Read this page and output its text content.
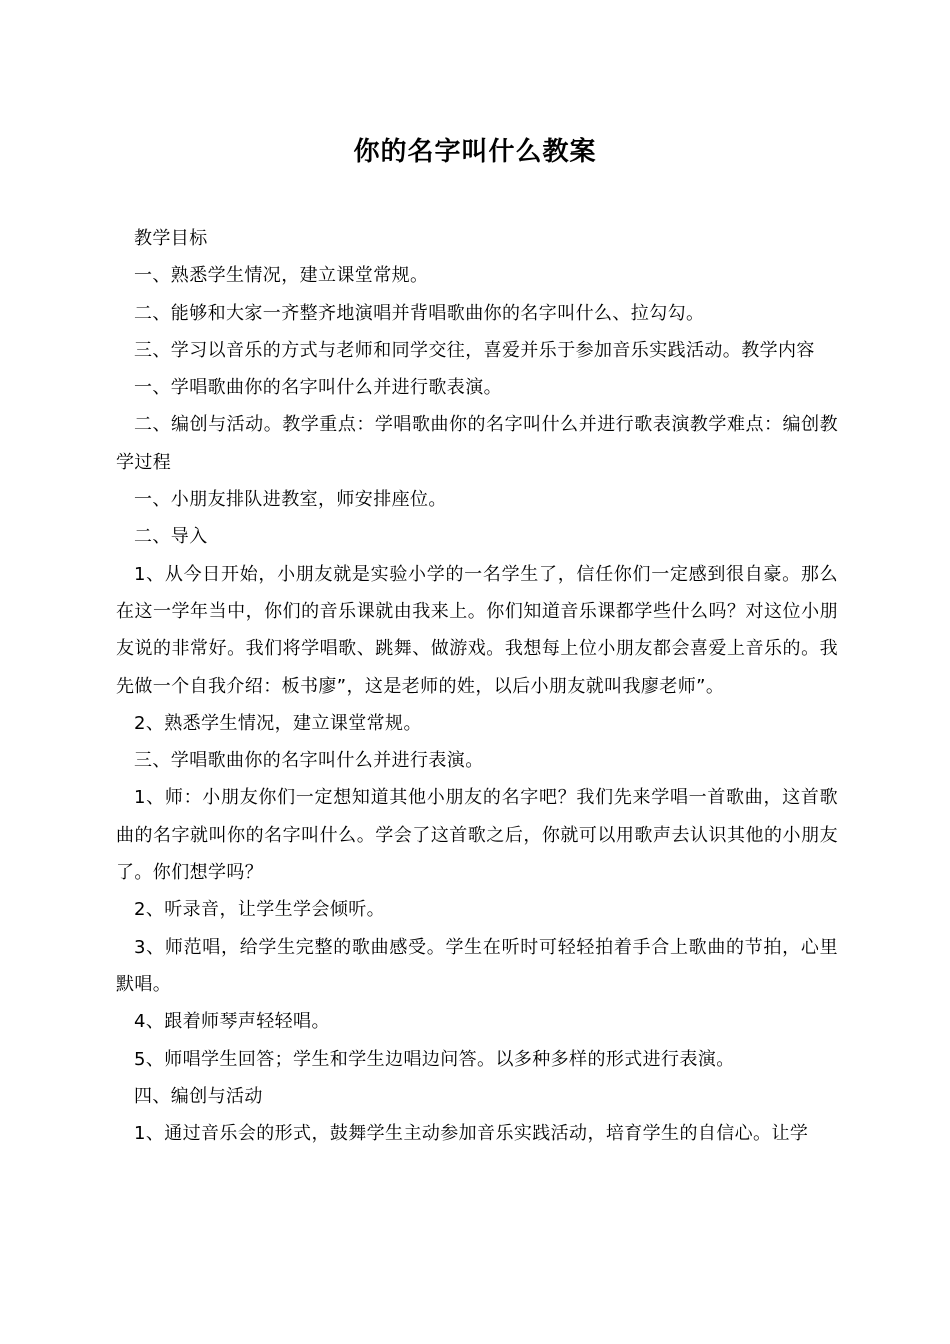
你的名字叫什么教案

教学目标

一、熟悉学生情况，建立课堂常规。

二、能够和大家一齐整齐地演唱并背唱歌曲你的名字叫什么、拉勾勾。

三、学习以音乐的方式与老师和同学交往，喜爱并乐于参加音乐实践活动。教学内容

一、学唱歌曲你的名字叫什么并进行歌表演。

二、编创与活动。教学重点：学唱歌曲你的名字叫什么并进行歌表演教学难点：编创教学过程

一、小朋友排队进教室，师安排座位。

二、导入

1、从今日开始，小朋友就是实验小学的一名学生了，信任你们一定感到很自豪。那么在这一学年当中，你们的音乐课就由我来上。你们知道音乐课都学些什么吗？对这位小朋友说的非常好。我们将学唱歌、跳舞、做游戏。我想每上位小朋友都会喜爱上音乐的。我先做一个自我介绍：板书廖”，这是老师的姓，以后小朋友就叫我廖老师”。

2、熟悉学生情况，建立课堂常规。

三、学唱歌曲你的名字叫什么并进行表演。

1、师：小朋友你们一定想知道其他小朋友的名字吧？我们先来学唱一首歌曲，这首歌曲的名字就叫你的名字叫什么。学会了这首歌之后，你就可以用歌声去认识其他的小朋友了。你们想学吗？

2、听录音，让学生学会倾听。

3、师范唱，给学生完整的歌曲感受。学生在听时可轻轻拍着手合上歌曲的节拍，心里默唱。

4、跟着师琴声轻轻唱。

5、师唱学生回答；学生和学生边唱边问答。以多种多样的形式进行表演。

四、编创与活动

1、通过音乐会的形式，鼓舞学生主动参加音乐实践活动，培育学生的自信心。让学
